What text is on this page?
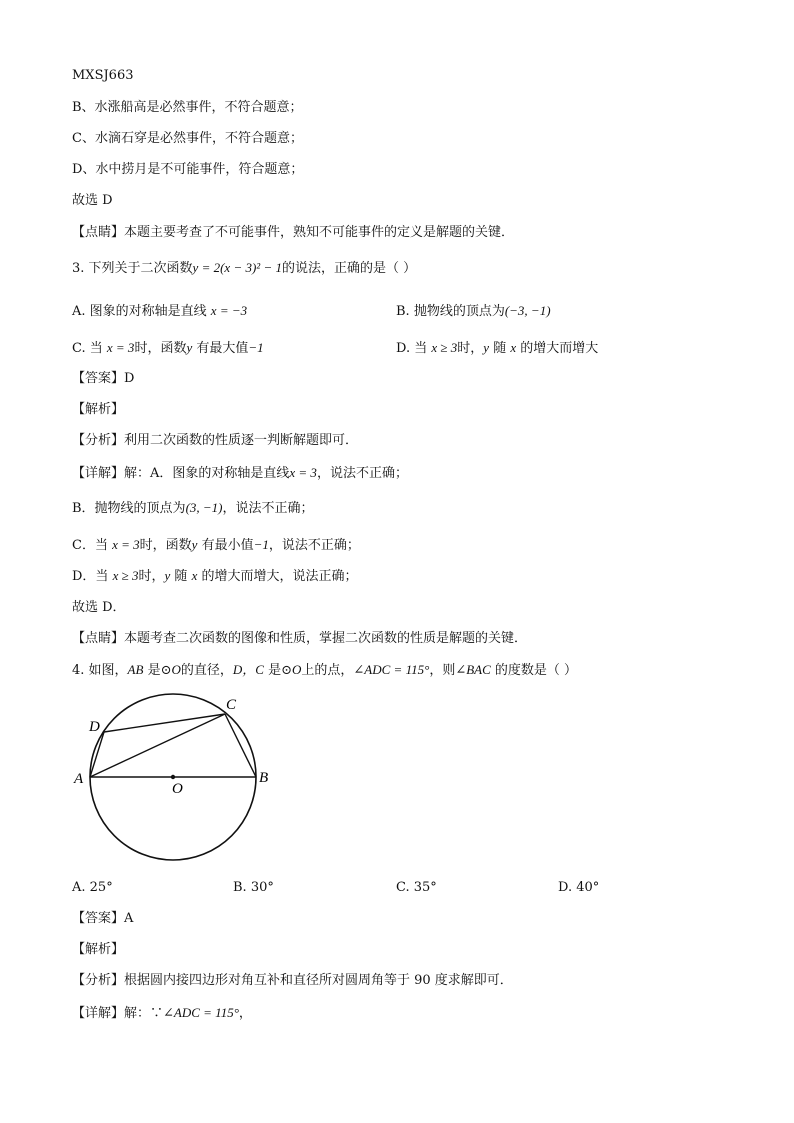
MXSJ663
B、水涨船高是必然事件，不符合题意；
C、水滴石穿是必然事件，不符合题意；
D、水中捞月是不可能事件，符合题意；
故选 D
【点睛】本题主要考查了不可能事件，熟知不可能事件的定义是解题的关键．
3. 下列关于二次函数y = 2(x − 3)² − 1的说法，正确的是（ ）
A. 图象的对称轴是直线 x = −3	B. 抛物线的顶点为(−3, −1)
C. 当 x = 3时，函数y 有最大值−1	D. 当 x ≥ 3时，y 随 x 的增大而增大
【答案】D
【解析】
【分析】利用二次函数的性质逐一判断解题即可．
【详解】解：A．图象的对称轴是直线x = 3，说法不正确；
B．抛物线的顶点为(3, −1)，说法不正确；
C．当 x = 3时，函数y 有最小值−1，说法不正确；
D．当 x ≥ 3时，y 随 x 的增大而增大，说法正确；
故选 D．
【点睛】本题考查二次函数的图像和性质，掌握二次函数的性质是解题的关键．
4. 如图，AB 是⊙O的直径，D，C 是⊙O上的点，∠ADC = 115°，则∠BAC 的度数是（ ）
A	B
C
D
O
A. 25°	B. 30°	C. 35°	D. 40°
【答案】A
【解析】
【分析】根据圆内接四边形对角互补和直径所对圆周角等于 90 度求解即可．
【详解】解：∵∠ADC = 115°，
